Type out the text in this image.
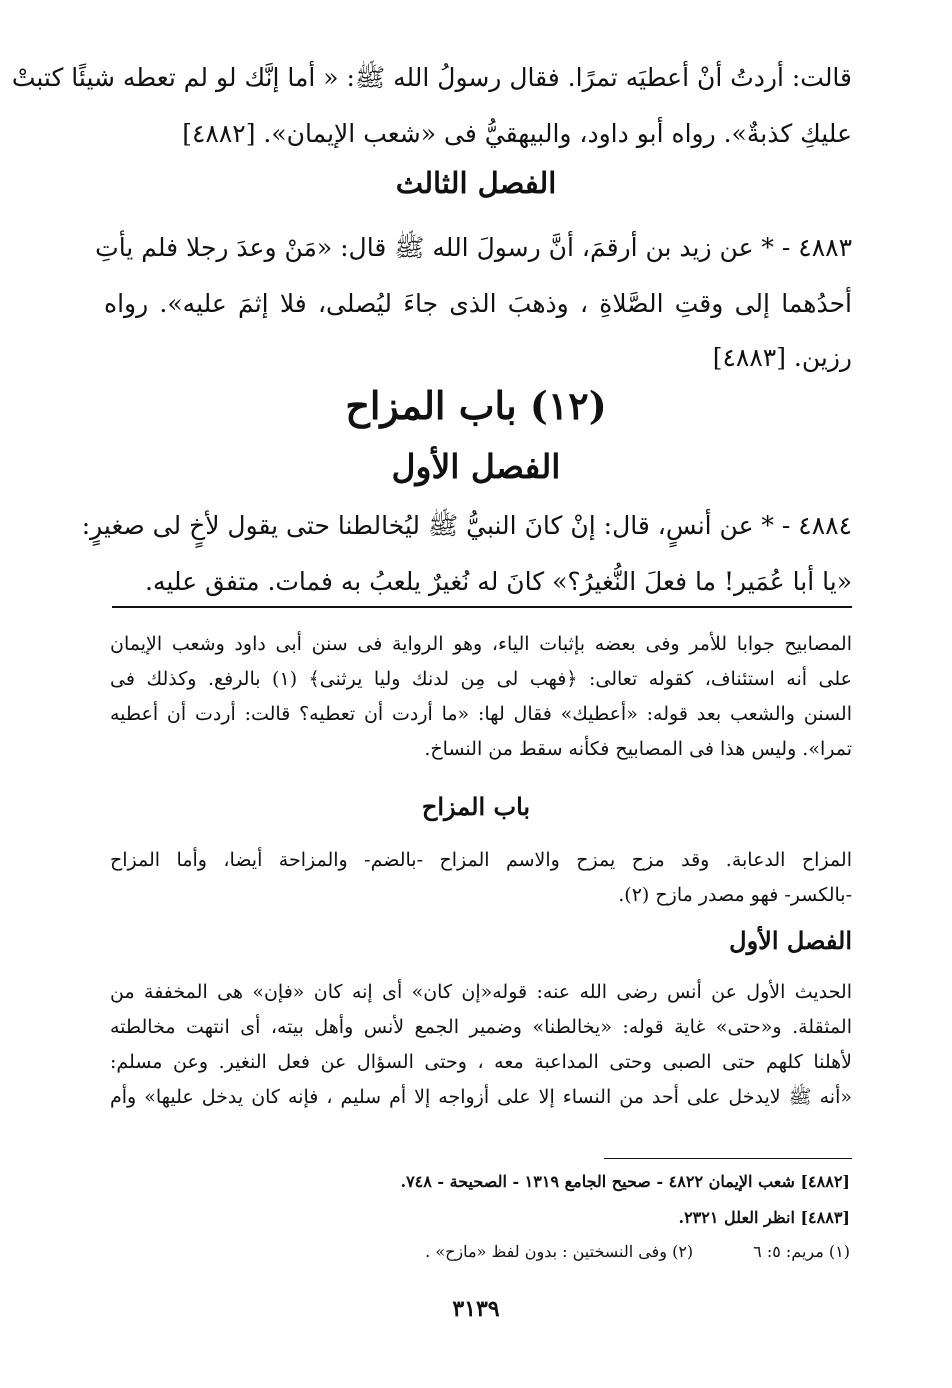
قالت: أردتُ أنْ أعطيَه تمرًا. فقال رسولُ الله ﷺ: « أما إنَّك لو لم تعطه شيئًا كتبتْ
عليكِ كذبةٌ». رواه أبو داود، والبيهقيُّ فى «شعب الإيمان». [٤٨٨٢]
الفصل الثالث
٤٨٨٣ - * عن زيد بن أرقمَ، أنَّ رسولَ الله ﷺ قال: «مَنْ وعدَ رجلا فلم يأتِ
أحدُهما إلى وقتِ الصَّلاةِ ، وذهبَ الذى جاءَ ليُصلى، فلا إثمَ عليه». رواه
رزين. [٤٨٨٣]
(١٢) باب المزاح
الفصل الأول
٤٨٨٤ - * عن أنسٍ، قال: إنْ كانَ النبيُّ ﷺ ليُخالطنا حتى يقول لأخٍ لى صغيرٍ:
«يا أبا عُمَير! ما فعلَ النُّغيرُ؟» كانَ له نُغيرٌ يلعبُ به فمات. متفق عليه.
المصابيح جوابا للأمر وفى بعضه بإثبات الياء، وهو الرواية فى سنن أبى داود وشعب الإيمان
على أنه استئناف، كقوله تعالى: ﴿فهب لى مِن لدنك وليا يرثنى﴾ (١) بالرفع. وكذلك فى
السنن والشعب بعد قوله: «أعطيك» فقال لها: «ما أردت أن تعطيه؟ قالت: أردت أن أعطيه
تمرا». وليس هذا فى المصابيح فكأنه سقط من النساخ.
باب المزاح
المزاح الدعابة. وقد مزح يمزح والاسم المزاح -بالضم- والمزاحة أيضا، وأما المزاح
-بالكسر- فهو مصدر مازح (٢).
الفصل الأول
الحديث الأول عن أنس رضى الله عنه: قوله«إن كان» أى إنه كان «فإن» هى المخففة من
المثقلة. و«حتى» غاية قوله: «يخالطنا» وضمير الجمع لأنس وأهل بيته، أى انتهت مخالطته
لأهلنا كلهم حتى الصبى وحتى المداعبة معه ، وحتى السؤال عن فعل النغير. وعن مسلم:
«أنه ﷺ لايدخل على أحد من النساء إلا على أزواجه إلا أم سليم ، فإنه كان يدخل عليها» وأم
[٤٨٨٢] شعب الإيمان ٤٨٢٢ - صحيح الجامع ١٣١٩ - الصحيحة - ٧٤٨.
[٤٨٨٣] انظر العلل ٢٣٢١.
(١) مريم: ٥: ٦(٢) وفى النسختين : بدون لفظ «مازح» .
٣١٣٩
